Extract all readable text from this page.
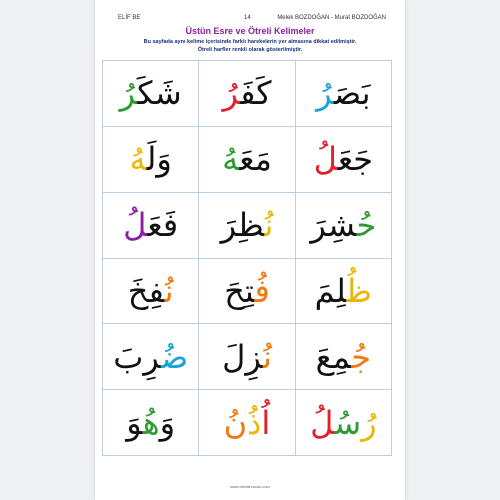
ELİF BE	14	Melek BOZDOĞAN - Murat BOZDOĞAN
Üstün Esre ve Ötreli Kelimeler
Bu sayfada aynı kelime içerisinde farklı harekelerin yer almasına dikkat edilmiştir.
Ötreli harfler renkli olarak gösterilmiştir.
شَكَرُ	كَفَرُ	بَصَرُ
وَلَهُ	مَعَهُ	جَعَلُ
فَعَلُ	نُظِرَ	حُشِرَ
نُفِخَ	فُتِحَ	ظُلِمَ
ضُرِبَ	نُزِلَ	جُمِعَ
وَهُوَ	اُذُنُ	رُسُلُ
www.mesarcucuk.com
